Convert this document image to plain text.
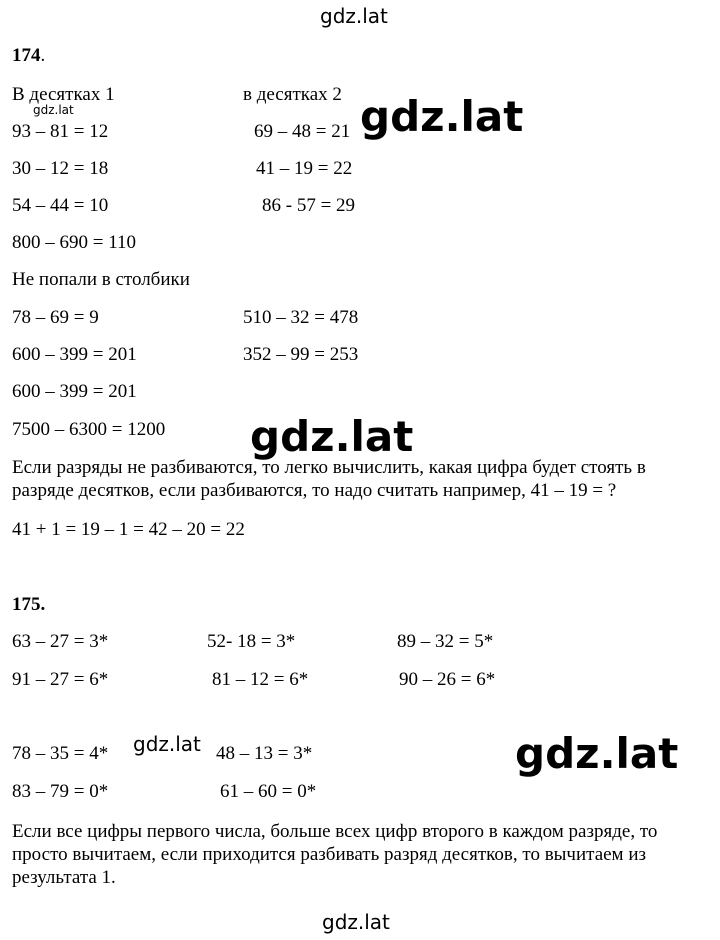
gdz.lat
174.
В десятках 1	в десятках 2
gdz.lat
93 – 81 = 12	69 – 48 = 21 gdz.lat
30 – 12 = 18	41 – 19 = 22
54 – 44 = 10	86 - 57 = 29
800 – 690 = 110
Не попали в столбики
78 – 69 = 9	510 – 32 = 478
600 – 399 = 201	352 – 99 = 253
600 – 399 = 201
7500 – 6300 = 1200 gdz.lat
Если разряды не разбиваются, то легко вычислить, какая цифра будет стоять в разряде десятков, если разбиваются, то надо считать например, 41 – 19 = ?
41 + 1 = 19 – 1 = 42 – 20 = 22
175.
63 – 27 = 3*	52- 18 = 3*	89 – 32 = 5*
91 – 27 = 6*	81 – 12 = 6*	90 – 26 = 6*
78 – 35 = 4* gdz.lat 48 – 13 = 3*	gdz.lat
83 – 79 = 0*	61 – 60 = 0*
Если все цифры первого числа, больше всех цифр второго в каждом разряде, то просто вычитаем, если приходится разбивать разряд десятков, то вычитаем из результата 1.
gdz.lat
